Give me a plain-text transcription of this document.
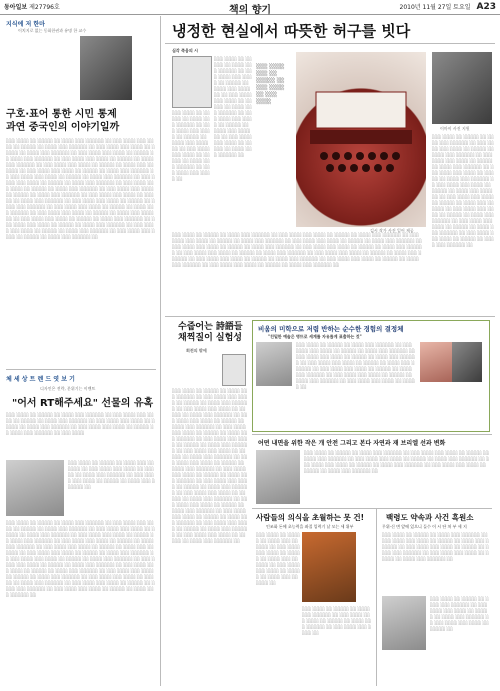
동아일보 제27796호	책의 향기	2010년 11월 27일 토요일 A23
지식에 저 한마
이치지로 없는 동화한권과 유명 한 교수
구호·표어 통한 시민 통제
과연 중국인의 이야기일까
░░░ ░░░░ ░░ ░░░░░ ░░ ░░░░ ░░░ ░░░░░░ ░░ ░░░ ░░░░ ░░░ ░░░░ ░░ ░░░░░ ░░ ░░░░ ░░░ ░░░░░░ ░░ ░░░ ░░░░ ░░░ ░░░░ ░░ ░░░░░ ░░ ░░░░ ░░░ ░░░░░░ ░░ ░░░ ░░░░ ░░░ ░░░░ ░░ ░░░░░ ░░ ░░░░ ░░░ ░░░░░░ ░░ ░░░ ░░░░ ░░░ ░░░░ ░░ ░░░░░ ░░ ░░░░ ░░░ ░░░░░░ ░░ ░░░ ░░░░ ░░░ ░░░░ ░░ ░░░░░ ░░ ░░░░ ░░░ ░░░░░░ ░░ ░░░ ░░░░ ░░░ ░░░░ ░░ ░░░░░ ░░ ░░░░ ░░░ ░░░░░░ ░░ ░░░ ░░░░ ░░░ ░░░░ ░░ ░░░░░ ░░ ░░░░ ░░░ ░░░░░░ ░░ ░░░ ░░░░ ░░░ ░░░░ ░░ ░░░░░ ░░ ░░░░ ░░░ ░░░░░░ ░░ ░░░ ░░░░ ░░░ ░░░░ ░░ ░░░░░ ░░ ░░░░ ░░░ ░░░░░░ ░░ ░░░ ░░░░ ░░░ ░░░░ ░░ ░░░░░ ░░ ░░░░ ░░░ ░░░░░░ ░░ ░░░ ░░░░ ░░░ ░░░░ ░░ ░░░░░ ░░ ░░░░ ░░░ ░░░░░░ ░░ ░░░ ░░░░ ░░░ ░░░░ ░░ ░░░░░ ░░ ░░░░ ░░░ ░░░░░░ ░░ ░░░ ░░░░ ░░░ ░░░░ ░░ ░░░░░ ░░ ░░░░ ░░░ ░░░░░░ ░░ ░░░ ░░░░ ░░░ ░░░░ ░░ ░░░░░ ░░ ░░░░ ░░░ ░░░░░░ ░░ ░░░ ░░░░ ░░░ ░░░░ ░░ ░░░░░ ░░ ░░░░ ░░░ ░░░░░░ ░░ ░░░ ░░░░ ░░░ ░░░░ ░░ ░░░░░ ░░ ░░░░ ░░░ ░░░░░░ ░░ ░░░ ░░░░ ░░░ ░░░░ ░░ ░░░░░ ░░ ░░░░ ░░░ ░░░░░░ ░░ ░░░ ░░░░ ░░░ ░░░░ ░░ ░░░░░ ░░ ░░░░ ░░░ ░░░░░░ ░░
체 세 상 트 렌 드 엿 보 기
디자인은 전략, 분위기는 이벤트
"어서 RT해주세요" 선물의 유혹
░░░ ░░░░ ░░ ░░░░░ ░░ ░░░░ ░░░ ░░░░░░ ░░ ░░░ ░░░░ ░░░ ░░░░ ░░ ░░░░░ ░░ ░░░░ ░░░ ░░░░░░ ░░ ░░░ ░░░░ ░░░ ░░░░ ░░ ░░░░░ ░░ ░░░░ ░░░ ░░░░░░ ░░ ░░░ ░░░░ ░░░ ░░░░ ░░ ░░░░░ ░░ ░░░░ ░░░ ░░░░░░ ░░ ░░░ ░░░░
░░░ ░░░░ ░░ ░░░░░ ░░ ░░░░ ░░░ ░░░░░░ ░░ ░░░ ░░░░ ░░░ ░░░░ ░░ ░░░░░ ░░ ░░░░ ░░░ ░░░░░░ ░░ ░░░ ░░░░ ░░░ ░░░░ ░░ ░░░░░ ░░ ░░░░ ░░░ ░░░░░░ ░░
░░░ ░░░░ ░░ ░░░░░ ░░ ░░░░ ░░░ ░░░░░░ ░░ ░░░ ░░░░ ░░░ ░░░░ ░░ ░░░░░ ░░ ░░░░ ░░░ ░░░░░░ ░░ ░░░ ░░░░ ░░░ ░░░░ ░░ ░░░░░ ░░ ░░░░ ░░░ ░░░░░░ ░░ ░░░ ░░░░ ░░░ ░░░░ ░░ ░░░░░ ░░ ░░░░ ░░░ ░░░░░░ ░░ ░░░ ░░░░ ░░░ ░░░░ ░░ ░░░░░ ░░ ░░░░ ░░░ ░░░░░░ ░░ ░░░ ░░░░ ░░░ ░░░░ ░░ ░░░░░ ░░ ░░░░ ░░░ ░░░░░░ ░░ ░░░ ░░░░ ░░░ ░░░░ ░░ ░░░░░ ░░ ░░░░ ░░░ ░░░░░░ ░░ ░░░ ░░░░ ░░░ ░░░░ ░░ ░░░░░ ░░ ░░░░ ░░░ ░░░░░░ ░░ ░░░ ░░░░ ░░░ ░░░░ ░░ ░░░░░ ░░ ░░░░ ░░░ ░░░░░░ ░░ ░░░ ░░░░ ░░░ ░░░░ ░░ ░░░░░ ░░ ░░░░ ░░░ ░░░░░░ ░░ ░░░ ░░░░ ░░░ ░░░░ ░░ ░░░░░ ░░ ░░░░ ░░░ ░░░░░░ ░░ ░░░ ░░░░ ░░░ ░░░░ ░░ ░░░░░ ░░ ░░░░ ░░░ ░░░░░░ ░░ ░░░ ░░░░ ░░░ ░░░░ ░░ ░░░░░ ░░ ░░░░ ░░░ ░░░░░░ ░░ ░░░ ░░░░ ░░░ ░░░░ ░░ ░░░░░ ░░ ░░░░ ░░░ ░░░░░░ ░░
냉정한 현실에서 따뜻한 허구를 빗다
심각 죽음의 시
░░░ ░░░░ ░░ ░░░░░ ░░ ░░░░ ░░░ ░░░░░░ ░░ ░░░ ░░░░ ░░░ ░░░░ ░░ ░░░░░ ░░ ░░░░ ░░░ ░░░░░░ ░░ ░░░ ░░░░ ░░░ ░░░░ ░░ ░░░░░ ░░ ░░░░ ░░░ ░░░░░░ ░░ ░░░ ░░░░ ░░░ ░░░░ ░░ ░░░░░ ░░ ░░░░ ░░░ ░░░░░░ ░░ ░░░ ░░░░ ░░░ ░░░░ ░░ ░░░░░ ░░ ░░░░ ░░░ ░░░░░░ ░░
░░░ ░░░░ ░░░ ░░ ░░░░░ ░░ ░░░ ░░░░ ░░ ░░░ ░░░░
░░░ ░░░░ ░░ ░░░░░ ░░ ░░░░ ░░░ ░░░░░░ ░░ ░░░ ░░░░ ░░░ ░░░░ ░░ ░░░░░ ░░ ░░░░ ░░░ ░░░░░░ ░░ ░░░ ░░░░ ░░░ ░░░░ ░░ ░░░░░ ░░ ░░░░ ░░░ ░░░░░░ ░░ ░░░ ░░░░ ░░░ ░░░░ ░░
김시 작가 사진 일어 제공
이마이 사진 지원
░░░ ░░░░ ░░ ░░░░░ ░░ ░░░░ ░░░ ░░░░░░ ░░ ░░░ ░░░░ ░░░ ░░░░ ░░ ░░░░░ ░░ ░░░░ ░░░ ░░░░░░ ░░ ░░░ ░░░░ ░░░ ░░░░ ░░ ░░░░░ ░░ ░░░░ ░░░ ░░░░░░ ░░ ░░░ ░░░░ ░░░ ░░░░ ░░ ░░░░░ ░░ ░░░░ ░░░ ░░░░░░ ░░ ░░░ ░░░░ ░░░ ░░░░ ░░ ░░░░░ ░░ ░░░░ ░░░ ░░░░░░ ░░ ░░░ ░░░░ ░░░ ░░░░ ░░ ░░░░░ ░░ ░░░░ ░░░ ░░░░░░ ░░ ░░░ ░░░░ ░░░ ░░░░ ░░ ░░░░░ ░░ ░░░░ ░░░ ░░░░░░ ░░ ░░░ ░░░░ ░░░ ░░░░ ░░ ░░░░░ ░░ ░░░░ ░░░ ░░░░░░ ░░ ░░░ ░░░░ ░░░ ░░░░ ░░ ░░░░░ ░░ ░░░░ ░░░ ░░░░░░ ░░
░░░ ░░░░ ░░ ░░░░░ ░░ ░░░░ ░░░ ░░░░░░ ░░ ░░░ ░░░░ ░░░ ░░░░ ░░ ░░░░░ ░░ ░░░░ ░░░ ░░░░░░ ░░ ░░░ ░░░░ ░░░ ░░░░ ░░ ░░░░░ ░░ ░░░░ ░░░ ░░░░░░ ░░ ░░░ ░░░░ ░░░ ░░░░ ░░ ░░░░░ ░░ ░░░░ ░░░ ░░░░░░ ░░ ░░░ ░░░░ ░░░ ░░░░ ░░ ░░░░░ ░░ ░░░░ ░░░ ░░░░░░ ░░ ░░░ ░░░░ ░░░ ░░░░ ░░ ░░░░░ ░░ ░░░░ ░░░ ░░░░░░ ░░ ░░░ ░░░░ ░░░ ░░░░ ░░ ░░░░░ ░░ ░░░░ ░░░ ░░░░░░ ░░ ░░░ ░░░░ ░░░ ░░░░ ░░ ░░░░░ ░░ ░░░░ ░░░ ░░░░░░ ░░ ░░░ ░░░░ ░░░ ░░░░ ░░ ░░░░░ ░░ ░░░░ ░░░ ░░░░░░ ░░ ░░░ ░░░░ ░░░ ░░░░ ░░ ░░░░░ ░░ ░░░░ ░░░ ░░░░░░ ░░ ░░░ ░░░░ ░░░ ░░░░ ░░ ░░░░░ ░░ ░░░░ ░░░ ░░░░░░ ░░
수줍어는 詩語들
채찍질이 실험성
회전의 밖에
░░░ ░░░░ ░░ ░░░░░ ░░ ░░░░ ░░░ ░░░░░░ ░░ ░░░ ░░░░ ░░░ ░░░░ ░░ ░░░░░ ░░ ░░░░ ░░░ ░░░░░░ ░░ ░░░ ░░░░ ░░░ ░░░░ ░░ ░░░░░ ░░ ░░░░ ░░░ ░░░░░░ ░░ ░░░ ░░░░ ░░░ ░░░░ ░░ ░░░░░ ░░ ░░░░ ░░░ ░░░░░░ ░░ ░░░ ░░░░ ░░░ ░░░░ ░░ ░░░░░ ░░ ░░░░ ░░░ ░░░░░░ ░░ ░░░ ░░░░ ░░░ ░░░░ ░░ ░░░░░ ░░ ░░░░ ░░░ ░░░░░░ ░░ ░░░ ░░░░ ░░░ ░░░░ ░░ ░░░░░ ░░ ░░░░ ░░░ ░░░░░░ ░░ ░░░ ░░░░ ░░░ ░░░░ ░░ ░░░░░ ░░ ░░░░ ░░░ ░░░░░░ ░░ ░░░ ░░░░ ░░░ ░░░░ ░░ ░░░░░ ░░ ░░░░ ░░░ ░░░░░░ ░░ ░░░ ░░░░ ░░░ ░░░░ ░░ ░░░░░ ░░ ░░░░ ░░░ ░░░░░░ ░░ ░░░ ░░░░ ░░░ ░░░░ ░░ ░░░░░ ░░ ░░░░ ░░░ ░░░░░░ ░░ ░░░ ░░░░ ░░░ ░░░░ ░░ ░░░░░ ░░ ░░░░ ░░░ ░░░░░░ ░░ ░░░ ░░░░ ░░░ ░░░░ ░░ ░░░░░ ░░ ░░░░ ░░░ ░░░░░░ ░░ ░░░ ░░░░ ░░░ ░░░░ ░░ ░░░░░ ░░ ░░░░ ░░░ ░░░░░░ ░░ ░░░ ░░░░ ░░░ ░░░░ ░░ ░░░░░ ░░ ░░░░ ░░░ ░░░░░░ ░░
비움의 미학으로 저렴 반하는 순수한 경험의 결정체
"친밀한 예술은 명뜨로 세계를 자유롭게 표출하는 것"
░░░ ░░░░ ░░ ░░░░░ ░░ ░░░░ ░░░ ░░░░░░ ░░ ░░░ ░░░░ ░░░ ░░░░ ░░ ░░░░░ ░░ ░░░░ ░░░ ░░░░░░ ░░ ░░░ ░░░░ ░░░ ░░░░ ░░ ░░░░░ ░░ ░░░░ ░░░ ░░░░░░ ░░ ░░░ ░░░░ ░░░ ░░░░ ░░ ░░░░░ ░░ ░░░░ ░░░ ░░░░░░ ░░ ░░░ ░░░░ ░░░ ░░░░ ░░ ░░░░░ ░░ ░░░░ ░░░ ░░░░░░ ░░ ░░░ ░░░░ ░░░ ░░░░ ░░ ░░░░░ ░░ ░░░░ ░░░ ░░░░░░ ░░ ░░░ ░░░░ ░░░ ░░░░ ░░ ░░░░░ ░░
어떤 내면을 위한 작은 개 안전 그리고 본다 자연과 재 브리엘 선과 변화
░░░ ░░░░ ░░ ░░░░░ ░░ ░░░░ ░░░ ░░░░░░ ░░ ░░░ ░░░░ ░░░ ░░░░ ░░ ░░░░░ ░░ ░░░░ ░░░ ░░░░░░ ░░ ░░░ ░░░░ ░░░ ░░░░ ░░ ░░░░░ ░░ ░░░░ ░░░ ░░░░░░ ░░ ░░░ ░░░░ ░░░ ░░░░ ░░ ░░░░░ ░░ ░░░░ ░░░ ░░░░░░ ░░ ░░░ ░░░░ ░░░ ░░░░ ░░ ░░░░░ ░░ ░░░░ ░░░ ░░░░░░ ░░
사람들의 의식을 초월하는 못 건!
인조화 돈에 초능력을 좌절 입력기 날 모는 세 위부
░░░ ░░░░ ░░ ░░░░░ ░░ ░░░░ ░░░ ░░░░░░ ░░ ░░░ ░░░░ ░░░ ░░░░ ░░ ░░░░░ ░░ ░░░░ ░░░ ░░░░░░ ░░ ░░░ ░░░░ ░░░ ░░░░ ░░ ░░░░░ ░░ ░░░░ ░░░ ░░░░░░ ░░
░░░ ░░░░ ░░ ░░░░░ ░░ ░░░░ ░░░ ░░░░░░ ░░ ░░░ ░░░░ ░░░ ░░░░ ░░ ░░░░░ ░░ ░░░░ ░░░ ░░░░░░ ░░ ░░░ ░░░░ ░░░ ░░░░ ░░
백령도 약속과 사건 흑원소
무위·신 변 앞에 있으니 들수 이 시 단 처 부 세 지
░░░ ░░░░ ░░ ░░░░░ ░░ ░░░░ ░░░ ░░░░░░ ░░ ░░░ ░░░░ ░░░ ░░░░ ░░ ░░░░░ ░░ ░░░░ ░░░ ░░░░░░ ░░ ░░░ ░░░░ ░░░ ░░░░ ░░ ░░░░░ ░░ ░░░░ ░░░ ░░░░░░ ░░ ░░░ ░░░░ ░░░ ░░░░ ░░ ░░░░░ ░░ ░░░░ ░░░ ░░░░░░ ░░
░░░ ░░░░ ░░ ░░░░░ ░░ ░░░░ ░░░ ░░░░░░ ░░ ░░░ ░░░░ ░░░ ░░░░ ░░ ░░░░░ ░░ ░░░░ ░░░ ░░░░░░ ░░ ░░░ ░░░░ ░░░ ░░░░ ░░ ░░░░░ ░░
